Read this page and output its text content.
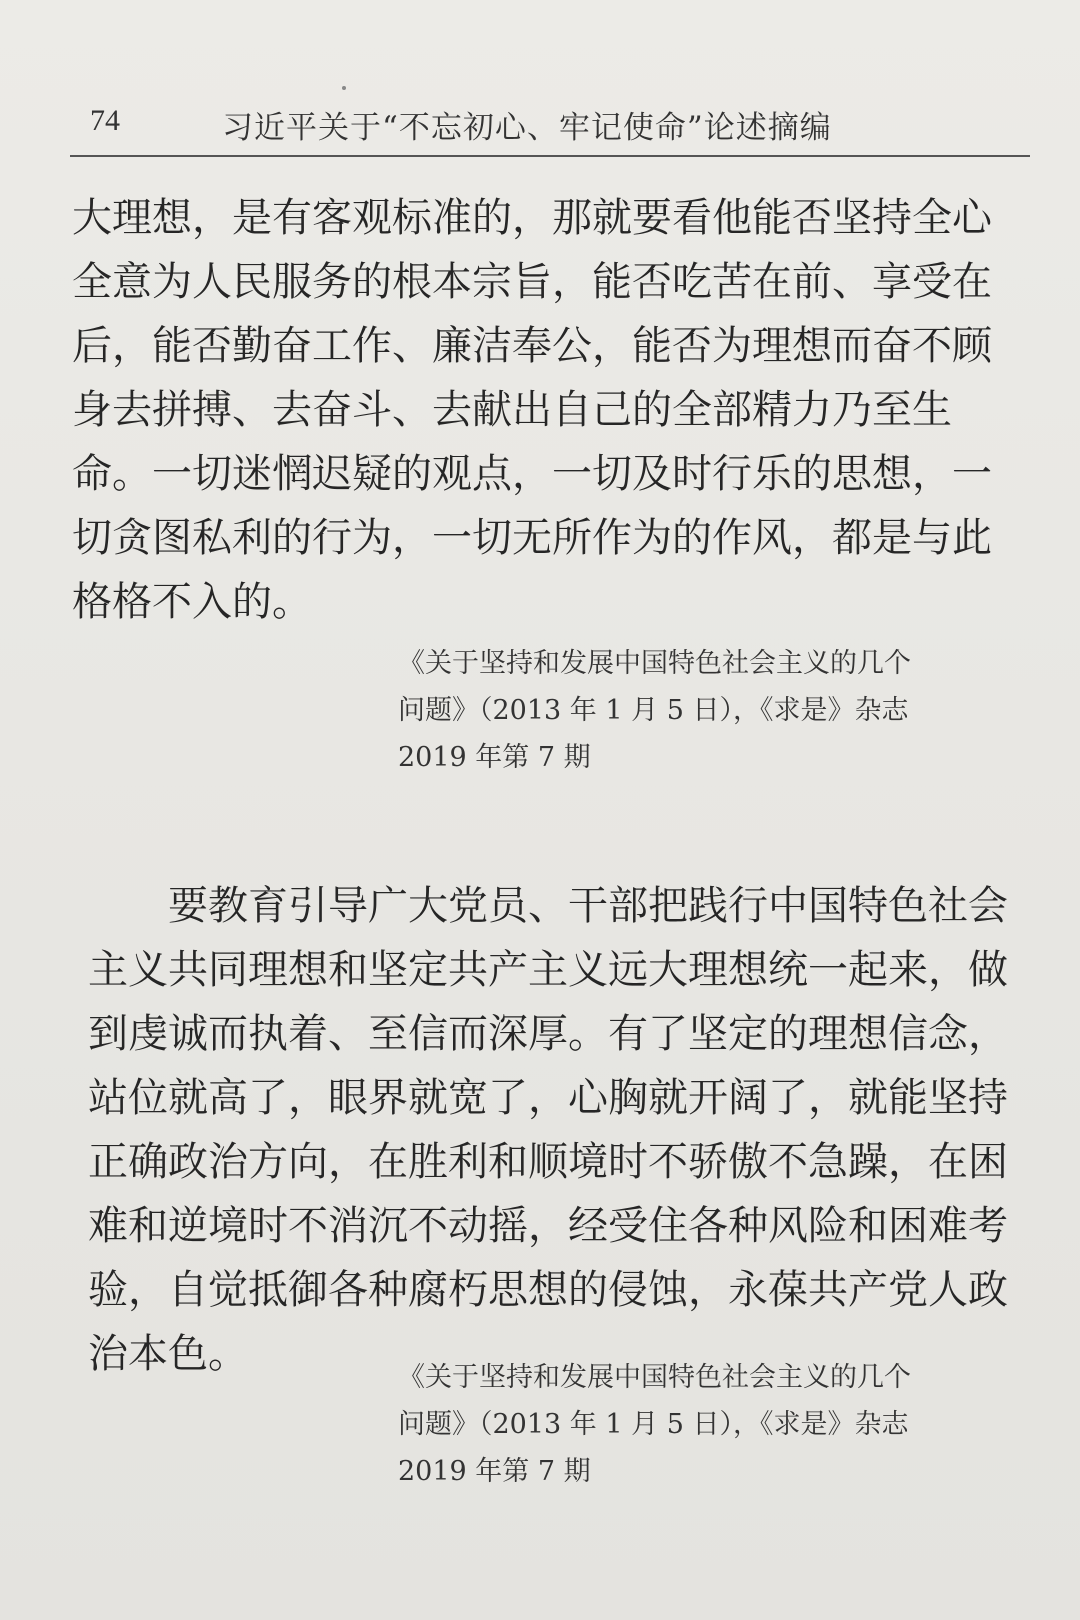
74	习近平关于“不忘初心、牢记使命”论述摘编
大理想，是有客观标准的，那就要看他能否坚持全心
全意为人民服务的根本宗旨，能否吃苦在前、享受在
后，能否勤奋工作、廉洁奉公，能否为理想而奋不顾
身去拼搏、去奋斗、去献出自己的全部精力乃至生
命。一切迷惘迟疑的观点，一切及时行乐的思想，一
切贪图私利的行为，一切无所作为的作风，都是与此
格格不入的。
《关于坚持和发展中国特色社会主义的几个
问题》（2013 年 1 月 5 日），《求是》杂志
2019 年第 7 期
　　要教育引导广大党员、干部把践行中国特色社会
主义共同理想和坚定共产主义远大理想统一起来，做
到虔诚而执着、至信而深厚。有了坚定的理想信念，
站位就高了，眼界就宽了，心胸就开阔了，就能坚持
正确政治方向，在胜利和顺境时不骄傲不急躁，在困
难和逆境时不消沉不动摇，经受住各种风险和困难考
验，自觉抵御各种腐朽思想的侵蚀，永葆共产党人政
治本色。
《关于坚持和发展中国特色社会主义的几个
问题》（2013 年 1 月 5 日），《求是》杂志
2019 年第 7 期
